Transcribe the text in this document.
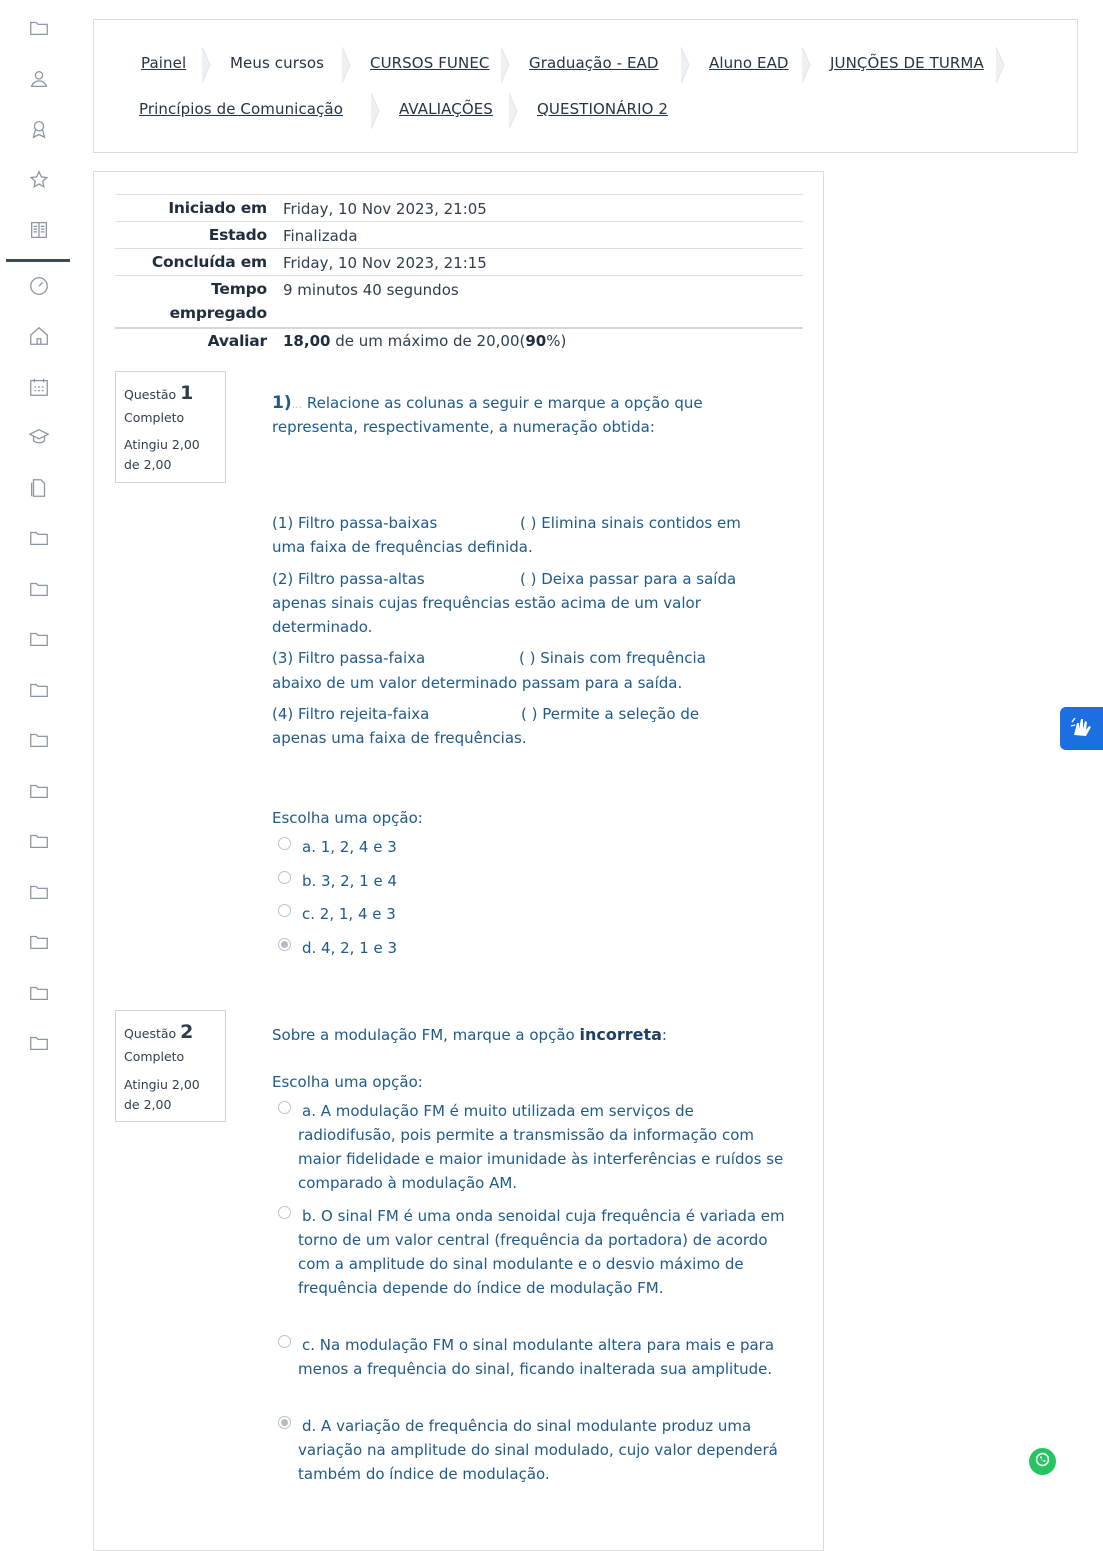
Painel	Meus cursos	CURSOS FUNEC	Graduação - EAD	Aluno EAD	JUNÇÕES DE TURMA
Princípios de Comunicação	AVALIAÇÕES	QUESTIONÁRIO 2
Iniciado em Friday, 10 Nov 2023, 21:05
Estado Finalizada
Concluída em Friday, 10 Nov 2023, 21:15
Tempo
empregado
9 minutos 40 segundos
Avaliar 18,00 de um máximo de 20,00(90%)
Questão 1
Completo
Atingiu 2,00
de 2,00
1)... Relacione as colunas a seguir e marque a opção que
representa, respectivamente, a numeração obtida:
(1) Filtro passa-baixas	( ) Elimina sinais contidos em
uma faixa de frequências definida.
(2) Filtro passa-altas	( ) Deixa passar para a saída
apenas sinais cujas frequências estão acima de um valor
determinado.
(3) Filtro passa-faixa	( ) Sinais com frequência
abaixo de um valor determinado passam para a saída.
(4) Filtro rejeita-faixa	( ) Permite a seleção de
apenas uma faixa de frequências.
Escolha uma opção:
a. 1, 2, 4 e 3
b. 3, 2, 1 e 4
c. 2, 1, 4 e 3
d. 4, 2, 1 e 3
Questão 2
Completo
Atingiu 2,00
de 2,00
Sobre a modulação FM, marque a opção incorreta:
Escolha uma opção:
a. A modulação FM é muito utilizada em serviços de radiodifusão, pois permite a transmissão da informação com maior fidelidade e maior imunidade às interferências e ruídos se comparado à modulação AM.
b. O sinal FM é uma onda senoidal cuja frequência é variada em torno de um valor central (frequência da portadora) de acordo com a amplitude do sinal modulante e o desvio máximo de frequência depende do índice de modulação FM.
c. Na modulação FM o sinal modulante altera para mais e para menos a frequência do sinal, ficando inalterada sua amplitude.
d. A variação de frequência do sinal modulante produz uma variação na amplitude do sinal modulado, cujo valor dependerá também do índice de modulação.
